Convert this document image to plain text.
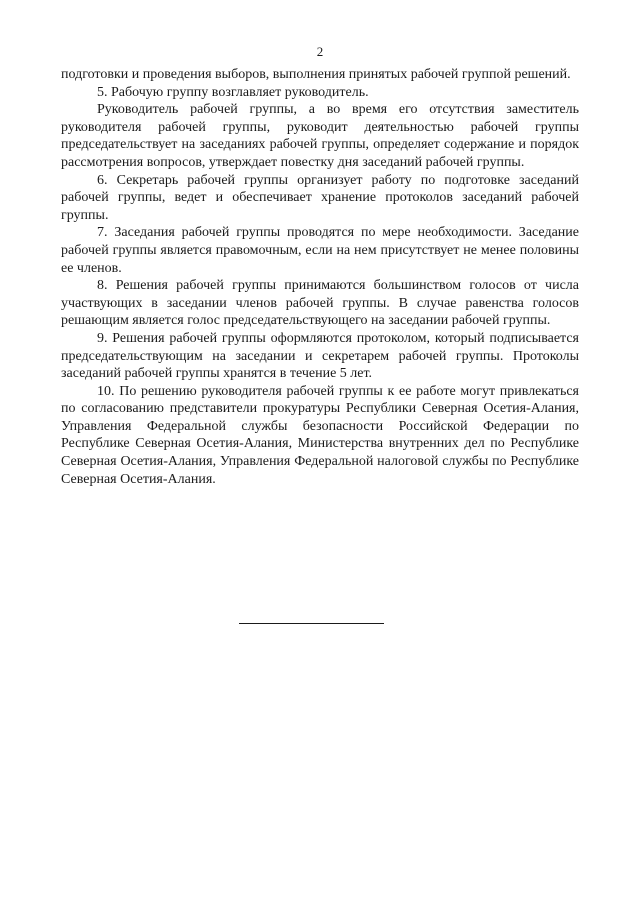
2

подготовки и проведения выборов, выполнения принятых рабочей группой решений.

5. Рабочую группу возглавляет руководитель.

Руководитель рабочей группы, а во время его отсутствия заместитель руководителя рабочей группы, руководит деятельностью рабочей группы председательствует на заседаниях рабочей группы, определяет содержание и порядок рассмотрения вопросов, утверждает повестку дня заседаний рабочей группы.

6. Секретарь рабочей группы организует работу по подготовке заседаний рабочей группы, ведет и обеспечивает хранение протоколов заседаний рабочей группы.

7. Заседания рабочей группы проводятся по мере необходимости. Заседание рабочей группы является правомочным, если на нем присутствует не менее половины ее членов.

8. Решения рабочей группы принимаются большинством голосов от числа участвующих в заседании членов рабочей группы. В случае равенства голосов решающим является голос председательствующего на заседании рабочей группы.

9. Решения рабочей группы оформляются протоколом, который подписывается председательствующим на заседании и секретарем рабочей группы. Протоколы заседаний рабочей группы хранятся в течение 5 лет.

10. По решению руководителя рабочей группы к ее работе могут привлекаться по согласованию представители прокуратуры Республики Северная Осетия-Алания, Управления Федеральной службы безопасности Российской Федерации по Республике Северная Осетия-Алания, Министерства внутренних дел по Республике Северная Осетия-Алания, Управления Федеральной налоговой службы по Республике Северная Осетия-Алания.
